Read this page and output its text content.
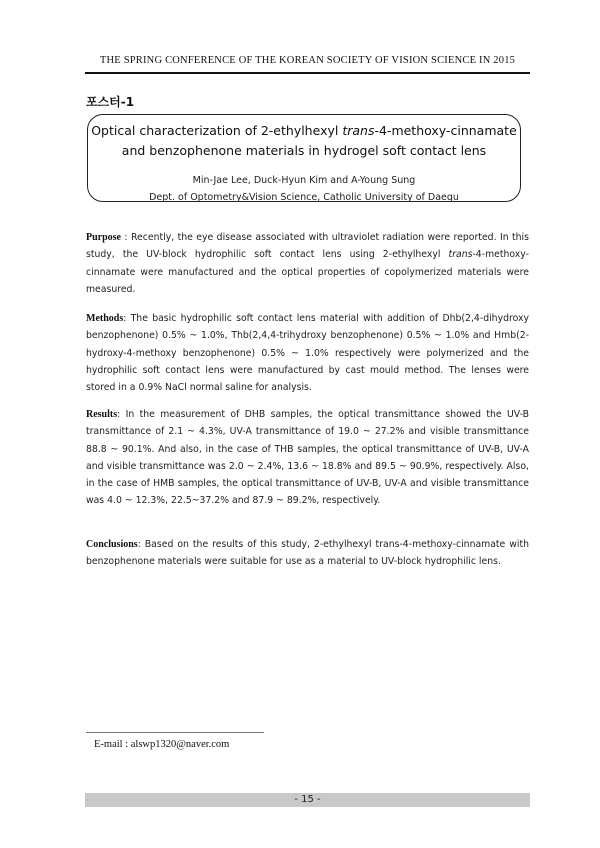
THE SPRING CONFERENCE OF THE KOREAN SOCIETY OF VISION SCIENCE IN 2015
포스터-1
Optical characterization of 2-ethylhexyl trans-4-methoxy-cinnamate
and benzophenone materials in hydrogel soft contact lens
Min-Jae Lee, Duck-Hyun Kim and A-Young Sung
Dept. of Optometry&Vision Science, Catholic University of Daegu
Purpose : Recently, the eye disease associated with ultraviolet radiation were reported. In this study, the UV-block hydrophilic soft contact lens using 2-ethylhexyl trans-4-methoxy-cinnamate were manufactured and the optical properties of copolymerized materials were measured.
Methods: The basic hydrophilic soft contact lens material with addition of Dhb(2,4-dihydroxy benzophenone) 0.5% ~ 1.0%, Thb(2,4,4-trihydroxy benzophenone) 0.5% ~ 1.0% and Hmb(2-hydroxy-4-methoxy benzophenone) 0.5% ~ 1.0% respectively were polymerized and the hydrophilic soft contact lens were manufactured by cast mould method. The lenses were stored in a 0.9% NaCl normal saline for analysis.
Results: In the measurement of DHB samples, the optical transmittance showed the UV-B transmittance of 2.1 ~ 4.3%, UV-A transmittance of 19.0 ~ 27.2% and visible transmittance 88.8 ~ 90.1%. And also, in the case of THB samples, the optical transmittance of UV-B, UV-A and visible transmittance was 2.0 ~ 2.4%, 13.6 ~ 18.8% and 89.5 ~ 90.9%, respectively. Also, in the case of HMB samples, the optical transmittance of UV-B, UV-A and visible transmittance was 4.0 ~ 12.3%, 22.5~37.2% and 87.9 ~ 89.2%, respectively.
Conclusions: Based on the results of this study, 2-ethylhexyl trans-4-methoxy-cinnamate with benzophenone materials were suitable for use as a material to UV-block hydrophilic lens.
E-mail : alswp1320@naver.com
- 15 -
